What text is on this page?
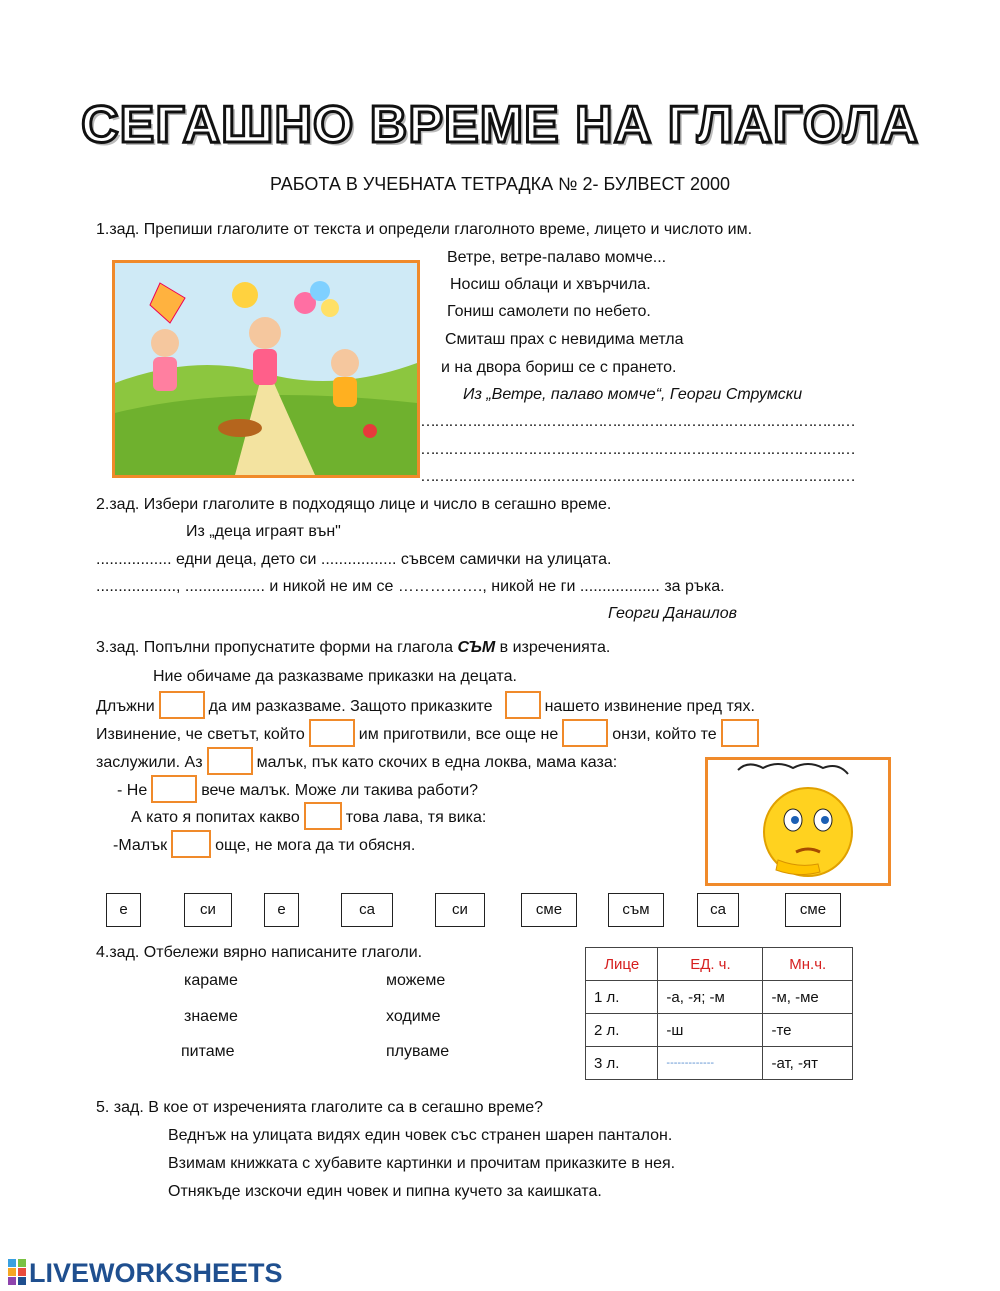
СЕГАШНО ВРЕМЕ НА ГЛАГОЛА
РАБОТА В УЧЕБНАТА ТЕТРАДКА № 2- БУЛВЕСТ 2000
1.зад. Препиши глаголите от текста и определи глаголното време, лицето и числото им.
Ветре, ветре-палаво момче...
Носиш облаци и хвърчила.
Гониш самолети по небето.
Смиташ прах с невидима метла
и на двора бориш се с прането.
Из „Ветре, палаво момче“, Георги Струмски
…………………………………………………………………………………
…………………………………………………………………………………
…………………………………………………………………………………
2.зад. Избери глаголите в подходящо лице и число в сегашно време.
Из „деца играят вън"
................. едни деца, дето си ................. съвсем самички на улицата.
.................., .................. и никой не им се ……………., никой не ги .................. за ръка.
Георги Данаилов
3.зад. Попълни пропуснатите форми на глагола СЪМ в изреченията.
Ние обичаме да разказваме приказки на децата.
Длъжни	да им разказваме. Защото приказките	нашето извинение пред тях.
Извинение, че светът, който	им приготвили, все още не	онзи, който те
заслужили. Аз	малък, пък като скочих в една локва, мама каза:
- Не	вече малък. Може ли такива работи?
А като я попитах какво	това лава, тя вика:
-Малък	още, не мога да ти обясня.
е	си	е	са	си	сме	съм	са	сме
4.зад. Отбележи вярно написаните глаголи.
караме
знаеме
питаме
можеме
ходиме
плуваме
Лице	ЕД. ч.	Мн.ч.
1 л.	-а, -я; -м	-м, -ме
2 л.	-ш	-те
3 л.	-------------	-ат, -ят
5. зад. В кое от изреченията глаголите са в сегашно време?
Веднъж на улицата видях един човек със странен шарен панталон.
Взимам книжката с хубавите картинки и прочитам приказките в нея.
Отнякъде изскочи един човек и пипна кучето за каишката.
LIVEWORKSHEETS
